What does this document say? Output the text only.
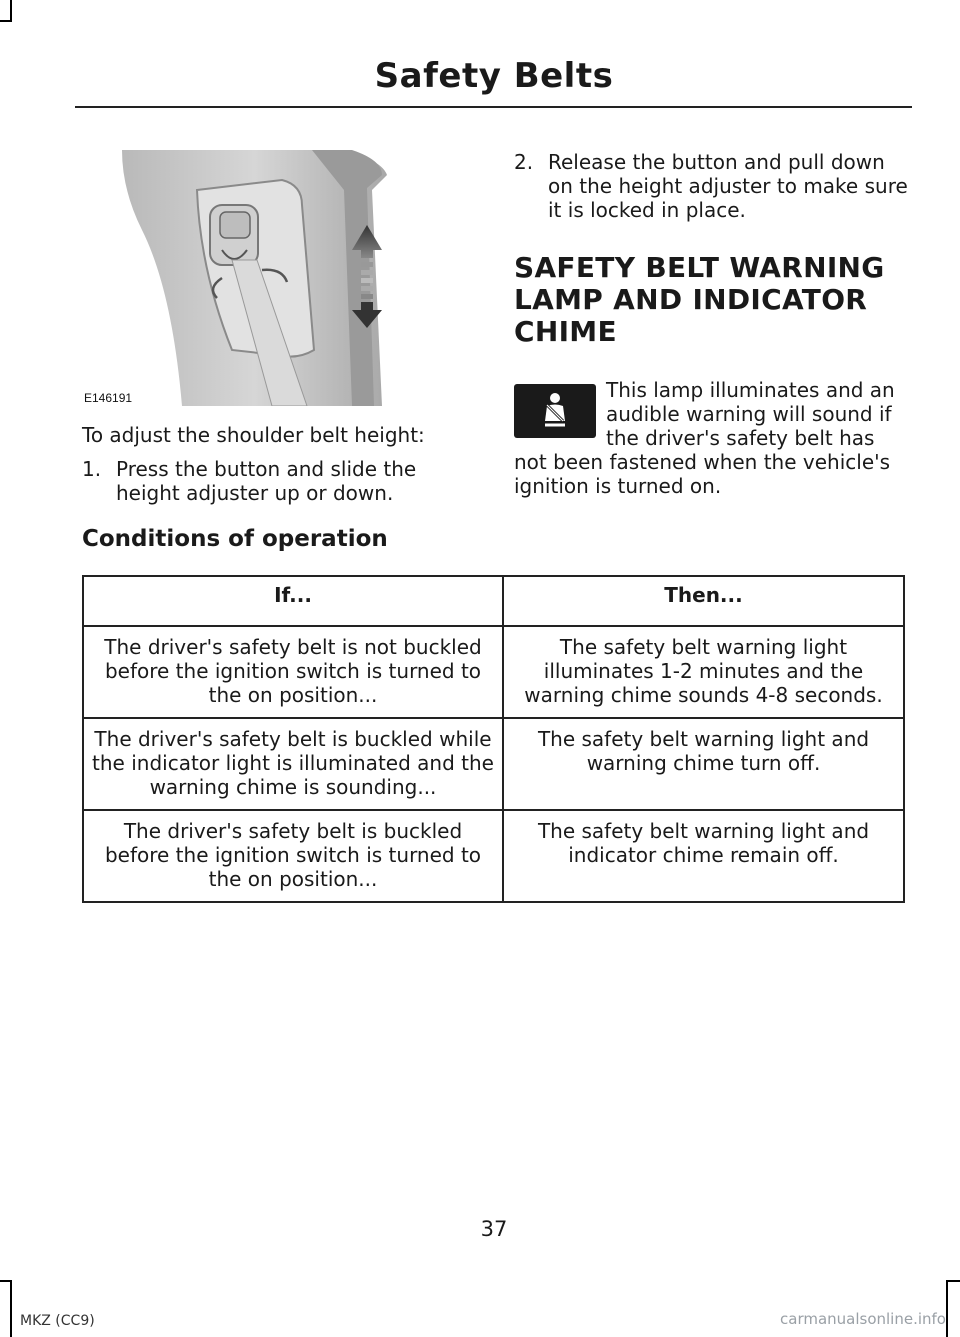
Safety Belts
E146191

To adjust the shoulder belt height:

1. Press the button and slide the height adjuster up or down.
2. Release the button and pull down on the height adjuster to make sure it is locked in place.
SAFETY BELT WARNING
LAMP AND INDICATOR
CHIME
This lamp illuminates and an audible warning will sound if the driver's safety belt has not been fastened when the vehicle's ignition is turned on.
Conditions of operation
If...	Then...
The driver's safety belt is not buckled before the ignition switch is turned to the on position...	The safety belt warning light illuminates 1-2 minutes and the warning chime sounds 4-8 seconds.
The driver's safety belt is buckled while the indicator light is illuminated and the warning chime is sounding...	The safety belt warning light and warning chime turn off.
The driver's safety belt is buckled before the ignition switch is turned to the on position...	The safety belt warning light and indicator chime remain off.
37
MKZ (CC9)	carmanualsonline.info
